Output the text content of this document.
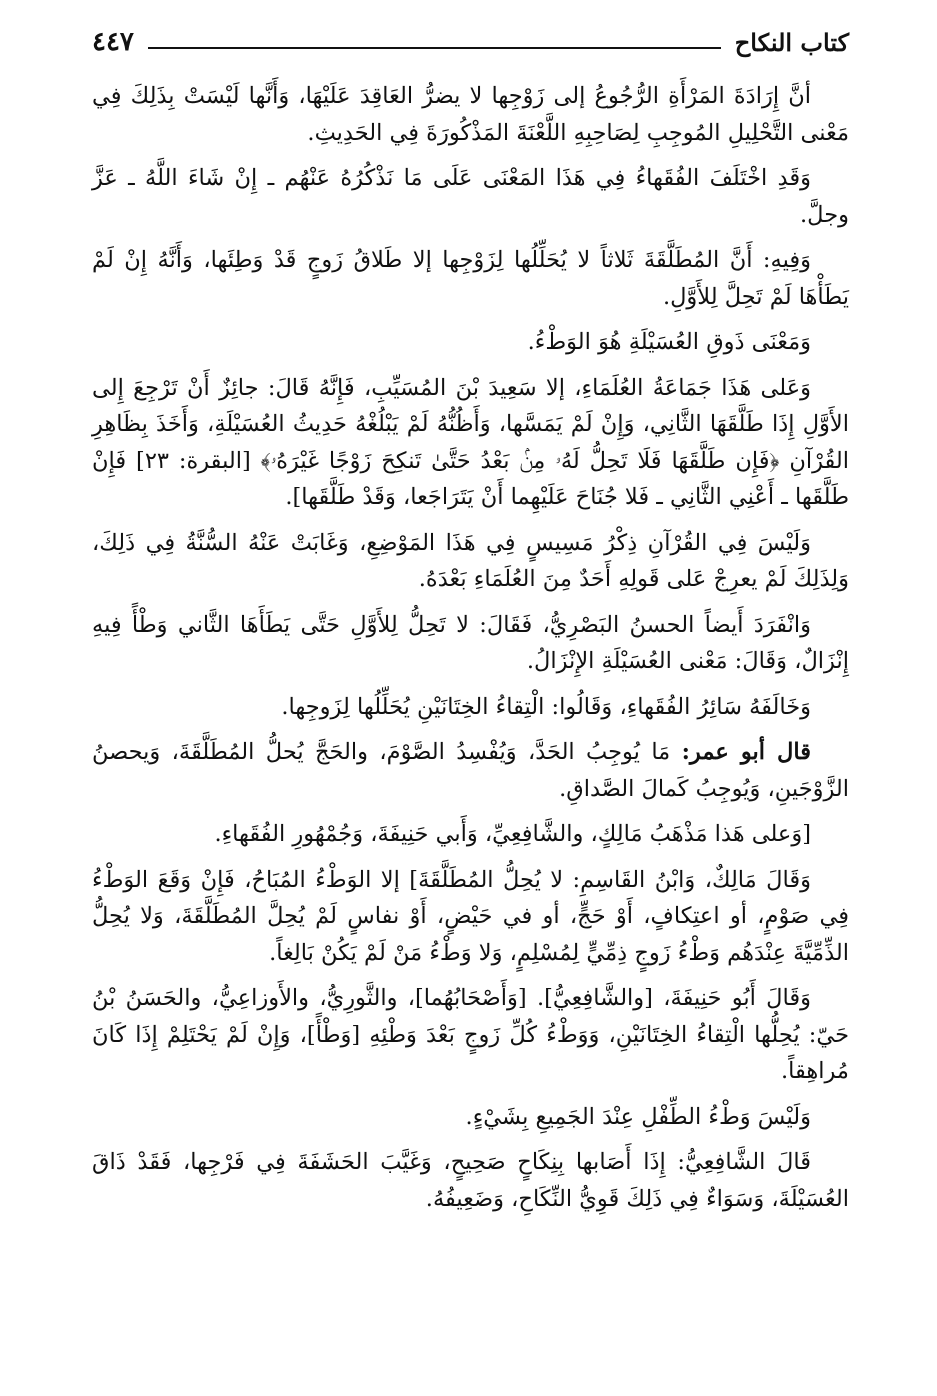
كتاب النكاح
٤٤٧

أنَّ إِرَادَةَ المَرْأَةِ الرُّجُوعُ إلى زَوْجِها لا يضرُّ العَاقِدَ عَلَيْهَا، وَأَنَّها لَيْسَتْ بِذَلِكَ فِي مَعْنى التَّحْلِيلِ المُوجِبِ لِصَاحِبِهِ اللَّعْنَةَ المَذْكُورَةَ فِي الحَدِيثِ.

وَقَدِ اخْتَلَفَ الفُقَهاءُ فِي هَذَا المَعْنَى عَلَى مَا نَذْكُرُهُ عَنْهُم ـ إِنْ شَاءَ اللَّهُ ـ عَزَّ وجلَّ.

وَفِيهِ: أَنَّ المُطَلَّقَةَ ثَلاثاً لا يُحَلِّلُها لِزَوْجِها إلا طَلاقُ زَوجٍ قَدْ وَطِئَها، وَأَنَّهُ إِنْ لَمْ يَطَأْهَا لَمْ تَحِلَّ لِلأَوَّلِ.

وَمَعْنَى ذَوقِ العُسَيْلَةِ هُوَ الوَطْءُ.

وَعَلى هَذَا جَمَاعَةُ العُلَمَاءِ، إلا سَعِيدَ بْنَ المُسَيِّبِ، فَإِنَّهُ قَالَ: جائِزٌ أَنْ تَرْجِعَ إِلى الأَوَّلِ إِذَا طَلَّقَهَا الثَّانِي، وَإِنْ لَمْ يَمَسَّها، وَأَظُنُّهُ لَمْ يَبْلُغْهُ حَدِيثُ العُسَيْلَةِ، وَأَخَذَ بِظَاهِرِ القُرْآنِ ﴿فَإِن طَلَّقَهَا فَلَا تَحِلُّ لَهُۥ مِنۢ بَعْدُ حَتَّىٰ تَنكِحَ زَوْجًا غَيْرَهُۥ﴾ [البقرة: ٢٣] فَإِنْ طَلَّقَها ـ أَعْنِي الثَّانِي ـ فَلا جُنَاحَ عَلَيْهِما أَنْ يَتَرَاجَعا، وَقَدْ طَلَّقَها].

وَلَيْسَ فِي القُرْآنِ ذِكْرُ مَسِيسٍ فِي هَذَا المَوْضِعِ، وَغَابَتْ عَنْهُ السُّنَّةُ فِي ذَلِكَ، وَلِذَلِكَ لَمْ يعرِجْ عَلى قَولِهِ أَحَدٌ مِنَ العُلَمَاءِ بَعْدَهُ.

وَانْفَرَدَ أَيضاً الحسنُ البَصْرِيُّ، فَقَالَ: لا تَحِلُّ لِلأَوَّلِ حَتَّى يَطَأَهَا الثَّاني وَطْأً فِيهِ إِنْزَالٌ، وَقَالَ: مَعْنى العُسَيْلَةِ الإِنْزَالُ.

وَخَالَفَهُ سَائِرُ الفُقَهاءِ، وَقَالُوا: الْتِقاءُ الخِتَانَيْنِ يُحَلِّلُها لِزَوجِها.

قال أبو عمر: مَا يُوجِبُ الحَدَّ، وَيُفْسِدُ الصَّوْمَ، والحَجَّ يُحلُّ المُطَلَّقَةَ، وَيحصنُ الزَّوْجَينِ، وَيُوجِبُ كَمالَ الصَّداقِ.

[وَعلى هَذا مَذْهَبُ مَالِكٍ، والشَّافِعِيِّ، وَأَبي حَنِيفَةَ، وَجُمْهُورِ الفُقَهاءِ.

وَقَالَ مَالِكٌ، وَابْنُ القَاسِمِ: لا يُحِلُّ المُطَلَّقَةَ] إلا الوَطْءُ المُبَاحُ، فَإِنْ وَقَعَ الوَطْءُ فِي صَوْمٍ، أو اعتِكافٍ، أَوْ حَجٍّ، أو في حَيْضٍ، أَوْ نفاسٍ لَمْ يُحِلَّ المُطَلَّقَةَ، وَلا يُحِلُّ الذِّمِّيَّةَ عِنْدَهُم وَطْءُ زَوجٍ ذِمِّيٍّ لِمُسْلِمٍ، وَلا وَطْءُ مَنْ لَمْ يَكُنْ بَالِغاً.

وَقَالَ أَبُو حَنِيفَةَ، [والشَّافِعِيُّ]. [وَأَصْحَابُهُما]، والثَّورِيُّ، والأَوزاعِيُّ، والحَسَنُ بْنُ حَيّ: يُحِلُّها الْتِقاءُ الخِتَانَيْنِ، وَوَطْءُ كُلِّ زَوجٍ بَعْدَ وَطْئِهِ [وَطْأً]، وَإِنْ لَمْ يَحْتَلِمْ إِذَا كَانَ مُراهِقاً.

وَلَيْسَ وَطْءُ الطِّفْلِ عِنْدَ الجَمِيعِ بِشَيْءٍ.

قَالَ الشَّافِعِيُّ: إِذَا أَصَابها بِنِكَاحٍ صَحِيحٍ، وَغَيَّبَ الحَشَفَةَ فِي فَرْجِها، فَقَدْ ذَاقَ العُسَيْلَةَ، وَسَوَاءٌ فِي ذَلِكَ قَوِيُّ النِّكَاحِ، وَضَعِيفُهُ.
